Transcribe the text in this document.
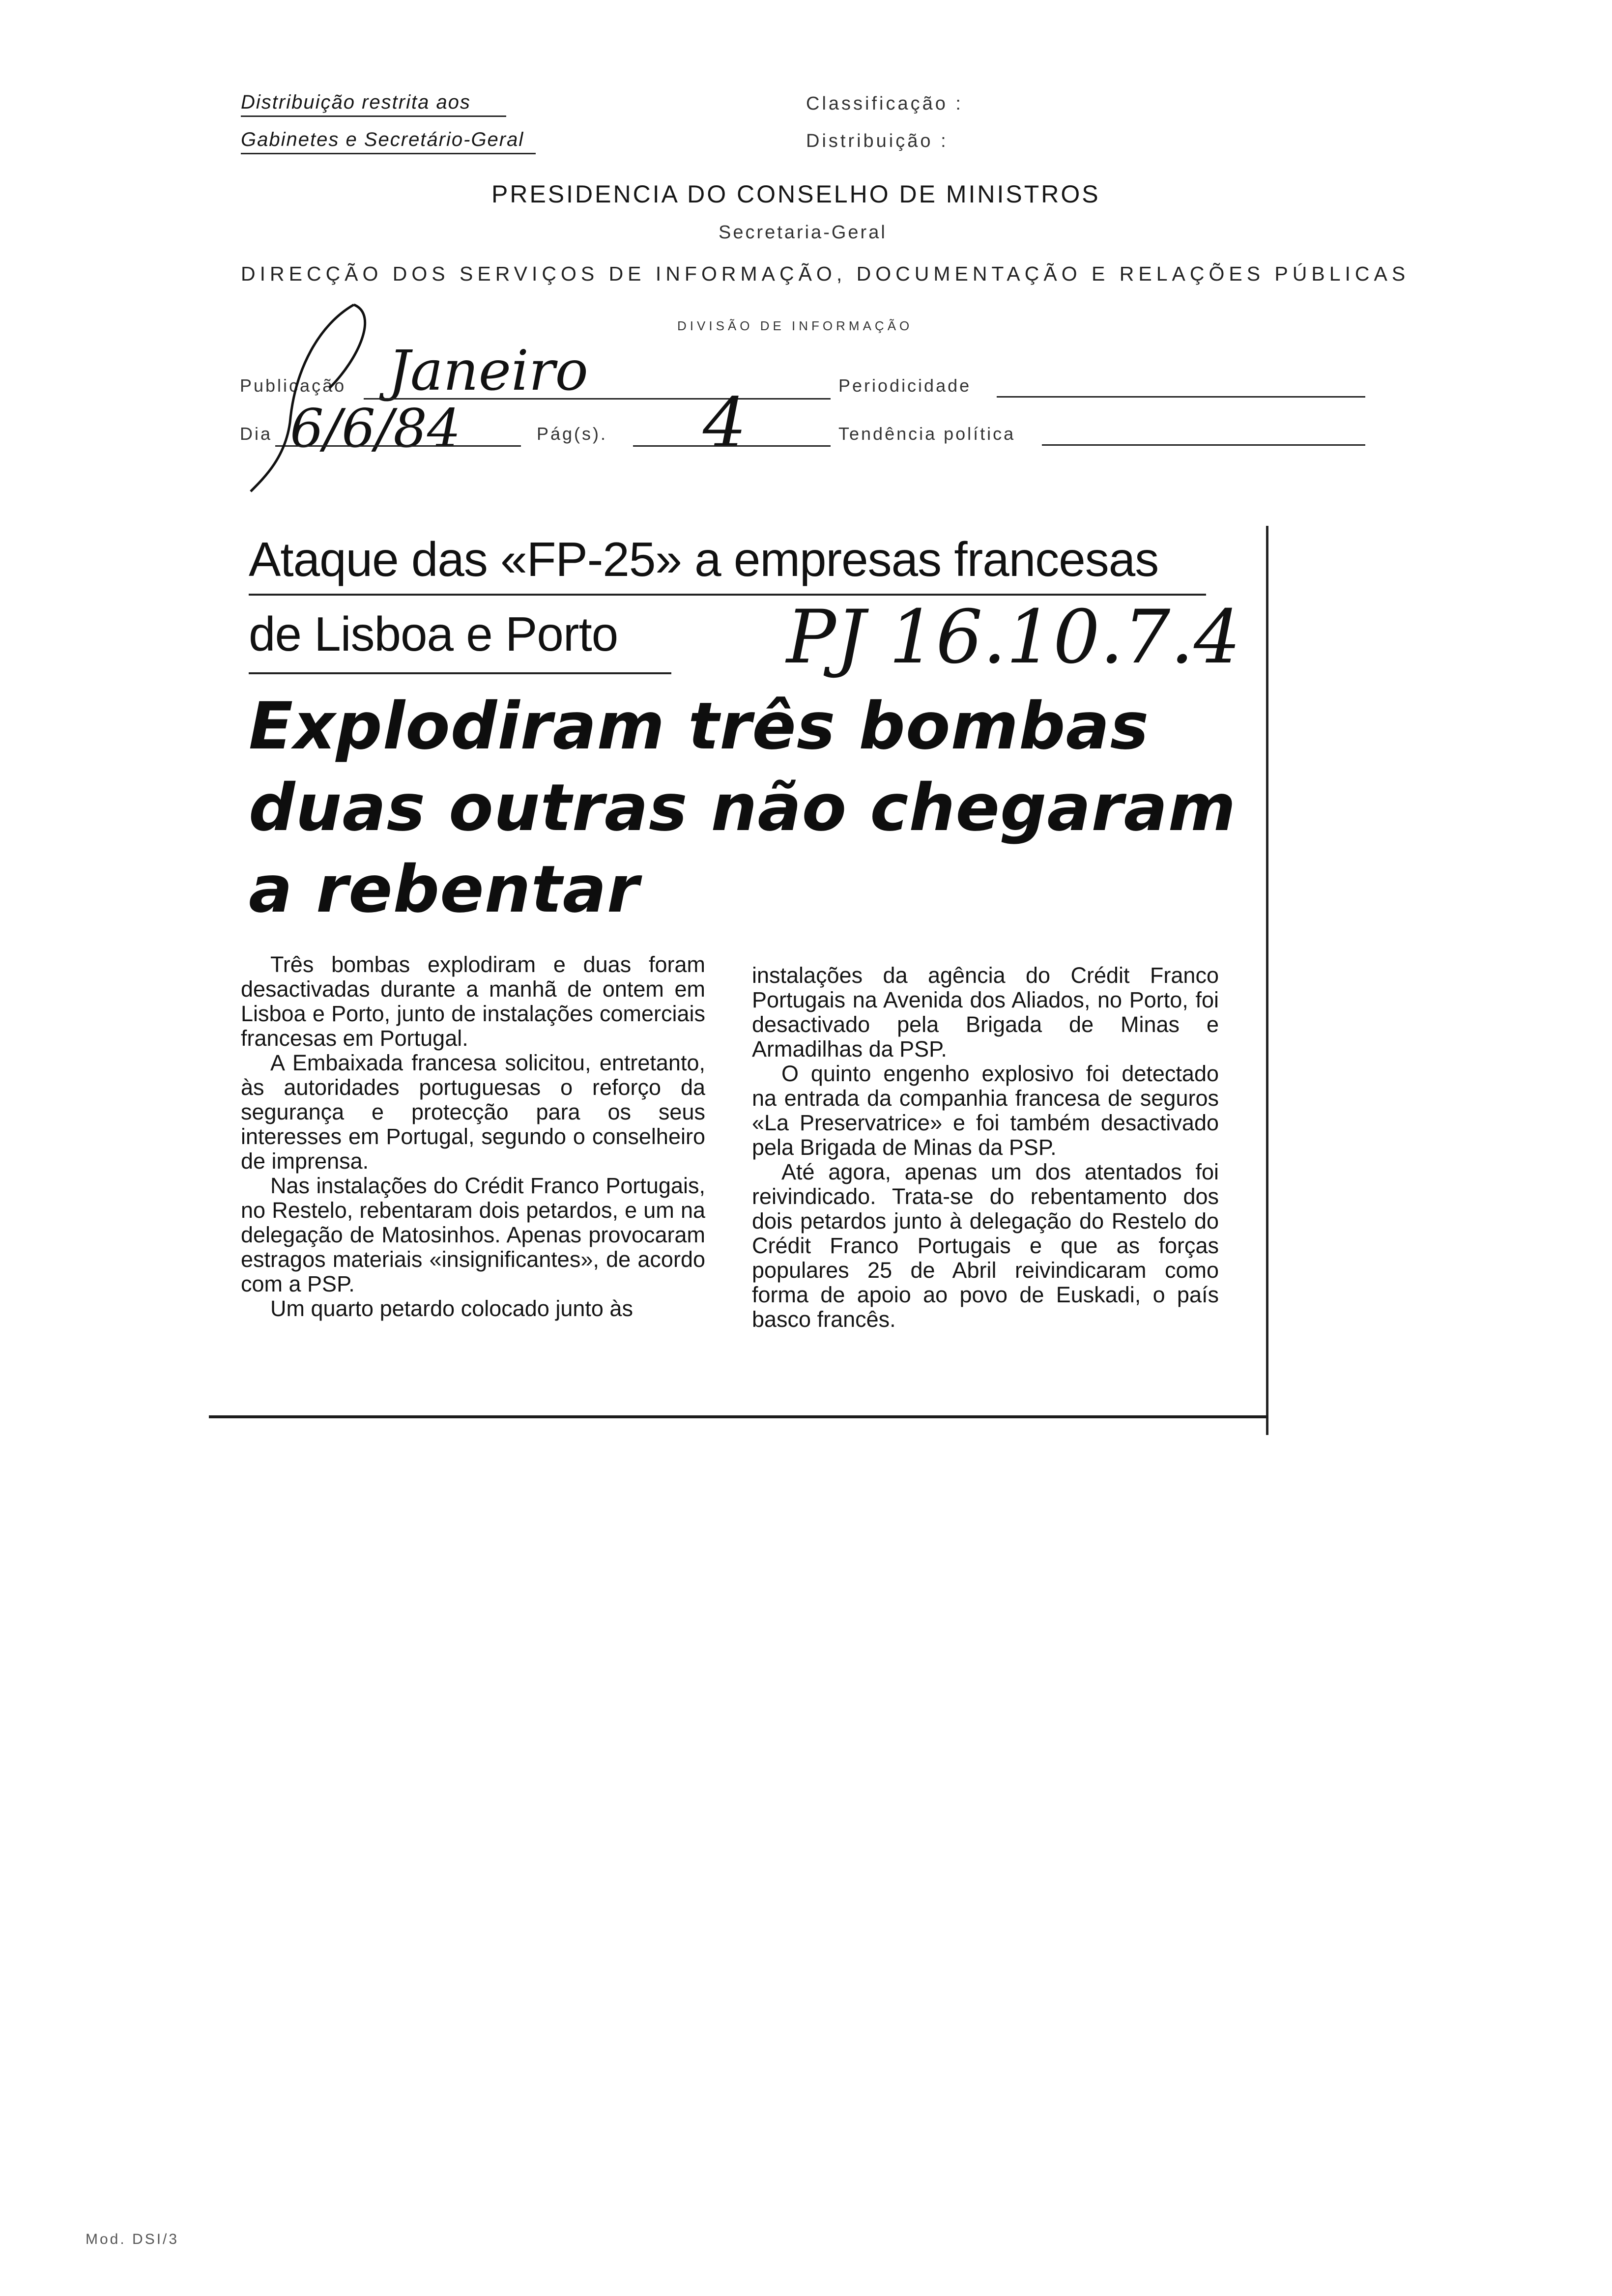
Distribuição restrita aos
Gabinetes e Secretário-Geral
Classificação :
Distribuição :
PRESIDENCIA DO CONSELHO DE MINISTROS
Secretaria-Geral
DIRECÇÃO DOS SERVIÇOS DE INFORMAÇÃO, DOCUMENTAÇÃO E RELAÇÕES PÚBLICAS
DIVISÃO DE INFORMAÇÃO
Publicação Janeiro
Dia 6/6/84	Pág(s). 4	Periodicidade
Tendência política
Ataque das «FP-25» a empresas francesas
de Lisboa e Porto PJ 16.10.7.4
Explodiram três bombas
duas outras não chegaram
a rebentar

Três bombas explodiram e duas foram desactivadas durante a manhã de ontem em Lisboa e Porto, junto de instalações comerciais francesas em Portugal.

A Embaixada francesa solicitou, entretanto, às autoridades portuguesas o reforço da segurança e protecção para os seus interesses em Portugal, segundo o conselheiro de imprensa.

Nas instalações do Crédit Franco Portugais, no Restelo, rebentaram dois petardos, e um na delegação de Matosinhos. Apenas provocaram estragos materiais «insignificantes», de acordo com a PSP.

Um quarto petardo colocado junto às

instalações da agência do Crédit Franco Portugais na Avenida dos Aliados, no Porto, foi desactivado pela Brigada de Minas e Armadilhas da PSP.

O quinto engenho explosivo foi detectado na entrada da companhia francesa de seguros «La Preservatrice» e foi também desactivado pela Brigada de Minas da PSP.

Até agora, apenas um dos atentados foi reivindicado. Trata-se do rebentamento dos dois petardos junto à delegação do Restelo do Crédit Franco Portugais e que as forças populares 25 de Abril reivindicaram como forma de apoio ao povo de Euskadi, o país basco francês.

Mod. DSI/3
